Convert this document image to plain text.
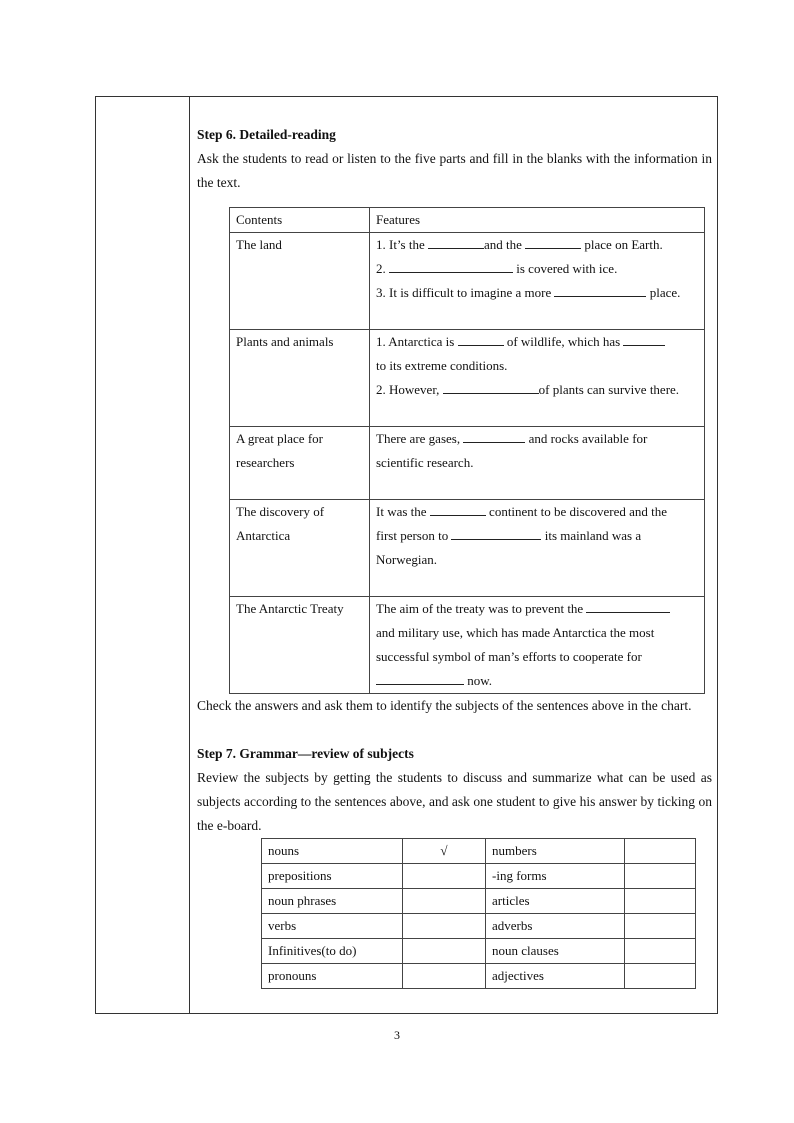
Step 6. Detailed-reading

Ask the students to read or listen to the five parts and fill in the blanks with the information in the text.

Contents	Features
The land	1. It’s the and the place on Earth.
2. is covered with ice.
3. It is difficult to imagine a more place.

Plants and animals	1. Antarctica is of wildlife, which has
to its extreme conditions.
2. However, of plants can survive there.

A great place for researchers	There are gases, and rocks available for
scientific research.

The discovery of Antarctica	It was the continent to be discovered and the
first person to its mainland was a
Norwegian.

The Antarctic Treaty	The aim of the treaty was to prevent the
and military use, which has made Antarctica the most
successful symbol of man’s efforts to cooperate for
now.

Check the answers and ask them to identify the subjects of the sentences above in the chart.

Step 7. Grammar—review of subjects

Review the subjects by getting the students to discuss and summarize what can be used as subjects according to the sentences above, and ask one student to give his answer by ticking on the e-board.

nouns	√	numbers	
prepositions		-ing forms	
noun phrases		articles	
verbs		adverbs	
Infinitives(to do)		noun clauses	
pronouns		adjectives	
3
